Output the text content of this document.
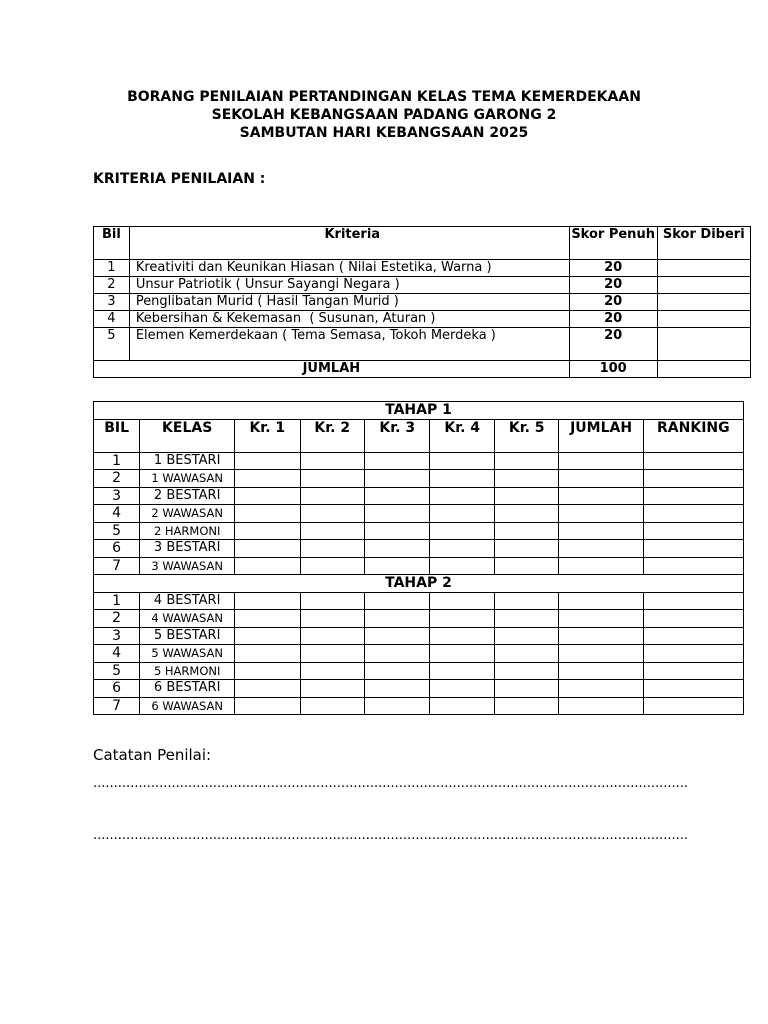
BORANG PENILAIAN PERTANDINGAN KELAS TEMA KEMERDEKAAN
SEKOLAH KEBANGSAAN PADANG GARONG 2
SAMBUTAN HARI KEBANGSAAN 2025
KRITERIA PENILAIAN :
Bil	Kriteria	Skor Penuh	Skor Diberi
1	Kreativiti dan Keunikan Hiasan ( Nilai Estetika, Warna )	20	
2	Unsur Patriotik ( Unsur Sayangi Negara )	20	
3	Penglibatan Murid ( Hasil Tangan Murid )	20	
4	Kebersihan & Kekemasan  ( Susunan, Aturan )	20	
5	Elemen Kemerdekaan ( Tema Semasa, Tokoh Merdeka )	20	
JUMLAH		100	
TAHAP 1								
BIL	KELAS	Kr. 1	Kr. 2	Kr. 3	Kr. 4	Kr. 5	JUMLAH	RANKING
1	1 BESTARI							
2	1 WAWASAN							
3	2 BESTARI							
4	2 WAWASAN							
5	2 HARMONI							
6	3 BESTARI							
7	3 WAWASAN							
TAHAP 2								
1	4 BESTARI							
2	4 WAWASAN							
3	5 BESTARI							
4	5 WAWASAN							
5	5 HARMONI							
6	6 BESTARI							
7	6 WAWASAN							
Catatan Penilai:
................................................................................................................................................
................................................................................................................................................
